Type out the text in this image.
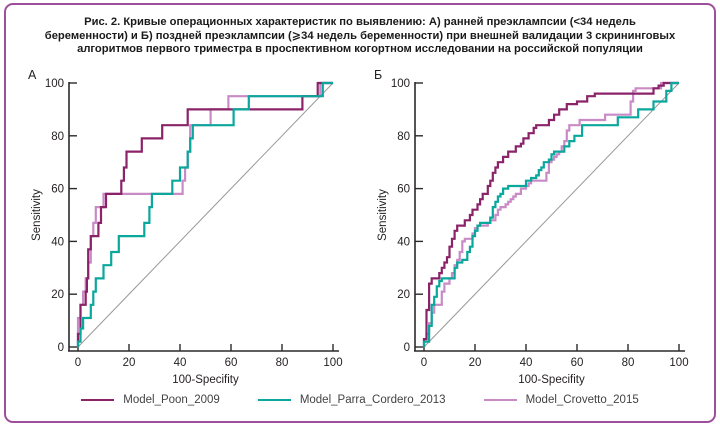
Рис. 2. Кривые операционных характеристик по выявлению: А) ранней преэклампсии (<34 недель беременности) и Б) поздней преэклампсии (⩾34 недель беременности) при внешней валидации 3 скрининговых алгоритмов первого триместра в проспективном когортном исследовании на российской популяции
А
0
20
40
60
80
100
0	20	40	60	80	100
Sensitivity
100-Specifity
Б
0
20
40
60
80
100
0	20	40	60	80	100
Sensitivity
100-Specifity
Model_Poon_2009	Model_Parra_Cordero_2013	Model_Crovetto_2015
